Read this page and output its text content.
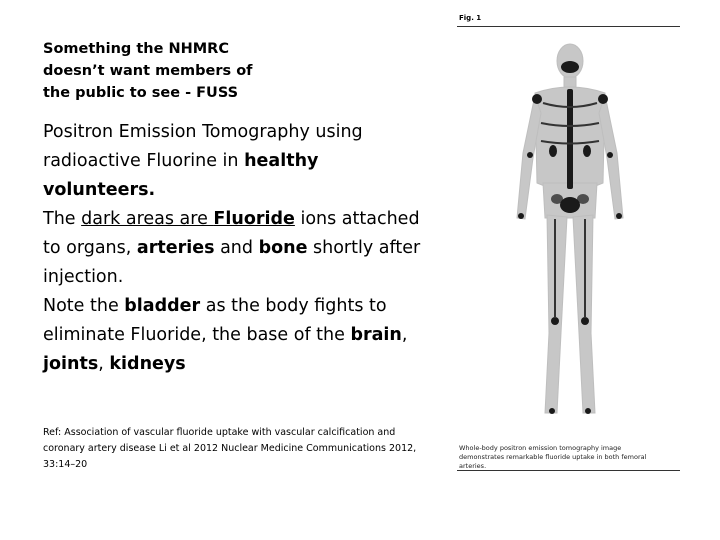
Something the NHMRC
doesn’t want members of
the public to see - FUSS

Positron Emission Tomography using radioactive Fluorine in healthy volunteers.

The dark areas are Fluoride ions attached to organs, arteries and bone shortly after injection.

Note the bladder as the body fights to eliminate Fluoride, the base of the brain, joints, kidneys

Ref: Association of vascular fluoride uptake with vascular calcification and coronary artery disease Li et al 2012 Nuclear Medicine Communications 2012, 33:14–20
Fig. 1
Whole-body positron emission tomography image demonstrates remarkable fluoride uptake in both femoral arteries.
